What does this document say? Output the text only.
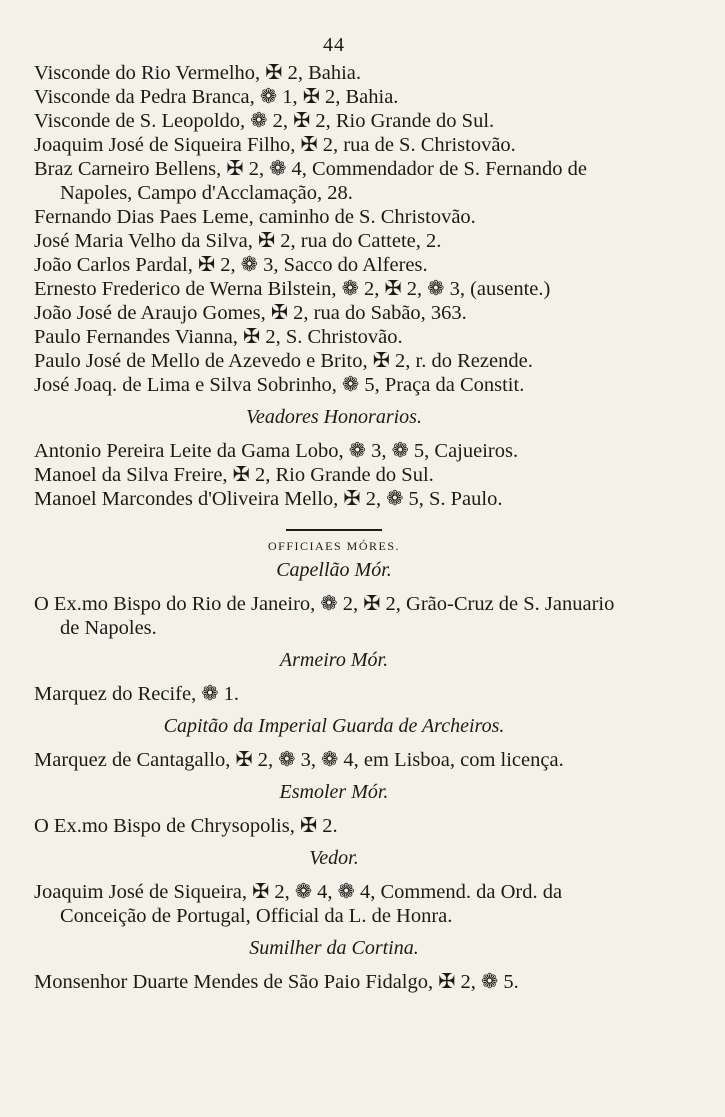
44
Visconde do Rio Vermelho, ✠ 2, Bahia.
Visconde da Pedra Branca, ❁ 1, ✠ 2, Bahia.
Visconde de S. Leopoldo, ❁ 2, ✠ 2, Rio Grande do Sul.
Joaquim José de Siqueira Filho, ✠ 2, rua de S. Christovão.
Braz Carneiro Bellens, ✠ 2, ❁ 4, Commendador de S. Fernando de Napoles, Campo d'Acclamação, 28.
Fernando Dias Paes Leme, caminho de S. Christovão.
José Maria Velho da Silva, ✠ 2, rua do Cattete, 2.
João Carlos Pardal, ✠ 2, ❁ 3, Sacco do Alferes.
Ernesto Frederico de Werna Bilstein, ❁ 2, ✠ 2, ❁ 3, (ausente.)
João José de Araujo Gomes, ✠ 2, rua do Sabão, 363.
Paulo Fernandes Vianna, ✠ 2, S. Christovão.
Paulo José de Mello de Azevedo e Brito, ✠ 2, r. do Rezende.
José Joaq. de Lima e Silva Sobrinho, ❁ 5, Praça da Constit.
Veadores Honorarios.
Antonio Pereira Leite da Gama Lobo, ❁ 3, ❁ 5, Cajueiros.
Manoel da Silva Freire, ✠ 2, Rio Grande do Sul.
Manoel Marcondes d'Oliveira Mello, ✠ 2, ❁ 5, S. Paulo.
OFFICIAES MÓRES.
Capellão Mór.
O Ex.mo Bispo do Rio de Janeiro, ❁ 2, ✠ 2, Grão-Cruz de S. Januario de Napoles.
Armeiro Mór.
Marquez do Recife, ❁ 1.
Capitão da Imperial Guarda de Archeiros.
Marquez de Cantagallo, ✠ 2, ❁ 3, ❁ 4, em Lisboa, com licença.
Esmoler Mór.
O Ex.mo Bispo de Chrysopolis, ✠ 2.
Vedor.
Joaquim José de Siqueira, ✠ 2, ❁ 4, ❁ 4, Commend. da Ord. da Conceição de Portugal, Official da L. de Honra.
Sumilher da Cortina.
Monsenhor Duarte Mendes de São Paio Fidalgo, ✠ 2, ❁ 5.
